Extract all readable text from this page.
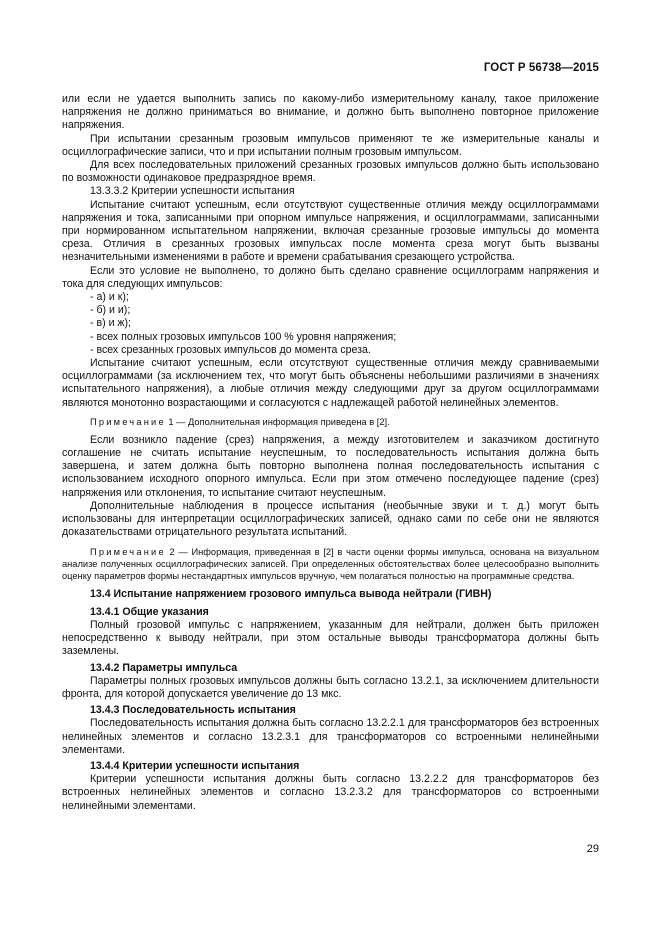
ГОСТ Р 56738—2015

или если не удается выполнить запись по какому-либо измерительному каналу, такое приложение напряжения не должно приниматься во внимание, и должно быть выполнено повторное приложение напряжения.

При испытании срезанным грозовым импульсов применяют те же измерительные каналы и осциллографические записи, что и при испытании полным грозовым импульсом.

Для всех последовательных приложений срезанных грозовых импульсов должно быть использовано по возможности одинаковое предразрядное время.

13.3.3.2 Критерии успешности испытания

Испытание считают успешным, если отсутствуют существенные отличия между осциллограммами напряжения и тока, записанными при опорном импульсе напряжения, и осциллограммами, записанными при нормированном испытательном напряжении, включая срезанные грозовые импульсы до момента среза. Отличия в срезанных грозовых импульсах после момента среза могут быть вызваны незначительными изменениями в работе и времени срабатывания срезающего устройства.

Если это условие не выполнено, то должно быть сделано сравнение осциллограмм напряжения и тока для следующих импульсов:

- а) и к);

- б) и и);

- в) и ж);

- всех полных грозовых импульсов 100 % уровня напряжения;

- всех срезанных грозовых импульсов до момента среза.

Испытание считают успешным, если отсутствуют существенные отличия между сравниваемыми осциллограммами (за исключением тех, что могут быть объяснены небольшими различиями в значениях испытательного напряжения), а любые отличия между следующими друг за другом осциллограммами являются монотонно возрастающими и согласуются с надлежащей работой нелинейных элементов.

Примечание 1 — Дополнительная информация приведена в [2].

Если возникло падение (срез) напряжения, а между изготовителем и заказчиком достигнуто соглашение не считать испытание неуспешным, то последовательность испытания должна быть завершена, и затем должна быть повторно выполнена полная последовательность испытания с использованием исходного опорного импульса. Если при этом отмечено последующее падение (срез) напряжения или отклонения, то испытание считают неуспешным.

Дополнительные наблюдения в процессе испытания (необычные звуки и т. д.) могут быть использованы для интерпретации осциллографических записей, однако сами по себе они не являются доказательствами отрицательного результата испытаний.

Примечание 2 — Информация, приведенная в [2] в части оценки формы импульса, основана на визуальном анализе полученных осциллографических записей. При определенных обстоятельствах более целесообразно выполнить оценку параметров формы нестандартных импульсов вручную, чем полагаться полностью на программные средства.

13.4 Испытание напряжением грозового импульса вывода нейтрали (ГИВН)

13.4.1 Общие указания

Полный грозовой импульс с напряжением, указанным для нейтрали, должен быть приложен непосредственно к выводу нейтрали, при этом остальные выводы трансформатора должны быть заземлены.

13.4.2 Параметры импульса

Параметры полных грозовых импульсов должны быть согласно 13.2.1, за исключением длительности фронта, для которой допускается увеличение до 13 мкс.

13.4.3 Последовательность испытания

Последовательность испытания должна быть согласно 13.2.2.1 для трансформаторов без встроенных нелинейных элементов и согласно 13.2.3.1 для трансформаторов со встроенными нелинейными элементами.

13.4.4 Критерии успешности испытания

Критерии успешности испытания должны быть согласно 13.2.2.2 для трансформаторов без встроенных нелинейных элементов и согласно 13.2.3.2 для трансформаторов со встроенными нелинейными элементами.

29
